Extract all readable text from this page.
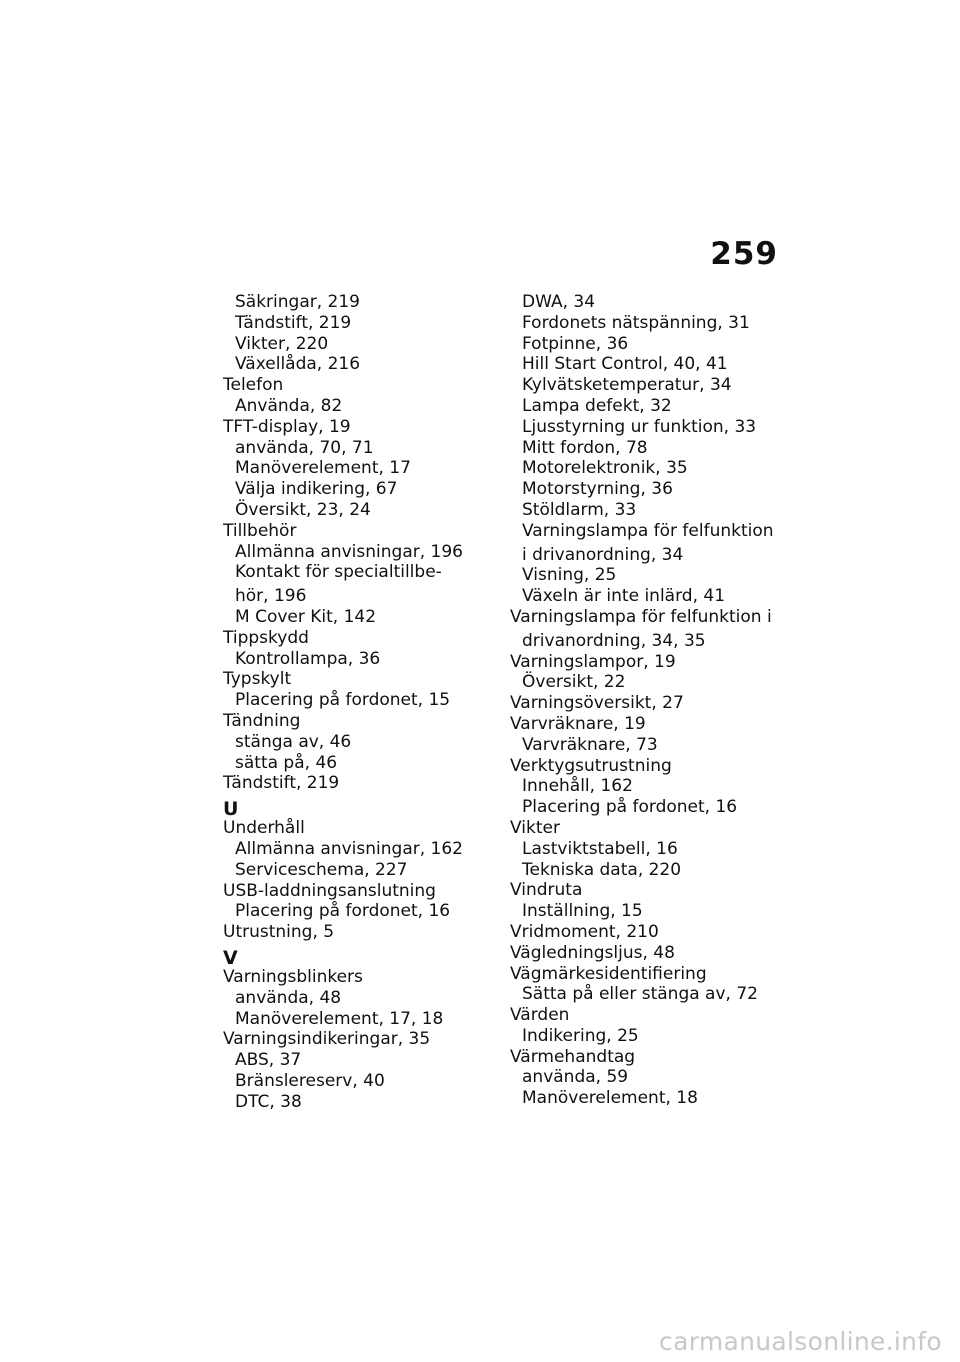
259
Säkringar, 219
Tändstift, 219
Vikter, 220
Växellåda, 216
Telefon
Använda, 82
TFT-display, 19
använda, 70, 71
Manöverelement, 17
Välja indikering, 67
Översikt, 23, 24
Tillbehör
Allmänna anvisningar, 196
Kontakt för specialtillbe-
hör, 196
M Cover Kit, 142
Tippskydd
Kontrollampa, 36
Typskylt
Placering på fordonet, 15
Tändning
stänga av, 46
sätta på, 46
Tändstift, 219
U
Underhåll
Allmänna anvisningar, 162
Serviceschema, 227
USB-laddningsanslutning
Placering på fordonet, 16
Utrustning, 5
V
Varningsblinkers
använda, 48
Manöverelement, 17, 18
Varningsindikeringar, 35
ABS, 37
Bränslereserv, 40
DTC, 38
DWA, 34
Fordonets nätspänning, 31
Fotpinne, 36
Hill Start Control, 40, 41
Kylvätsketemperatur, 34
Lampa defekt, 32
Ljusstyrning ur funktion, 33
Mitt fordon, 78
Motorelektronik, 35
Motorstyrning, 36
Stöldlarm, 33
Varningslampa för felfunktion
i drivanordning, 34
Visning, 25
Växeln är inte inlärd, 41
Varningslampa för felfunktion i
drivanordning, 34, 35
Varningslampor, 19
Översikt, 22
Varningsöversikt, 27
Varvräknare, 19
Varvräknare, 73
Verktygsutrustning
Innehåll, 162
Placering på fordonet, 16
Vikter
Lastviktstabell, 16
Tekniska data, 220
Vindruta
Inställning, 15
Vridmoment, 210
Vägledningsljus, 48
Vägmärkesidentifiering
Sätta på eller stänga av, 72
Värden
Indikering, 25
Värmehandtag
använda, 59
Manöverelement, 18
carmanualsonline.info
